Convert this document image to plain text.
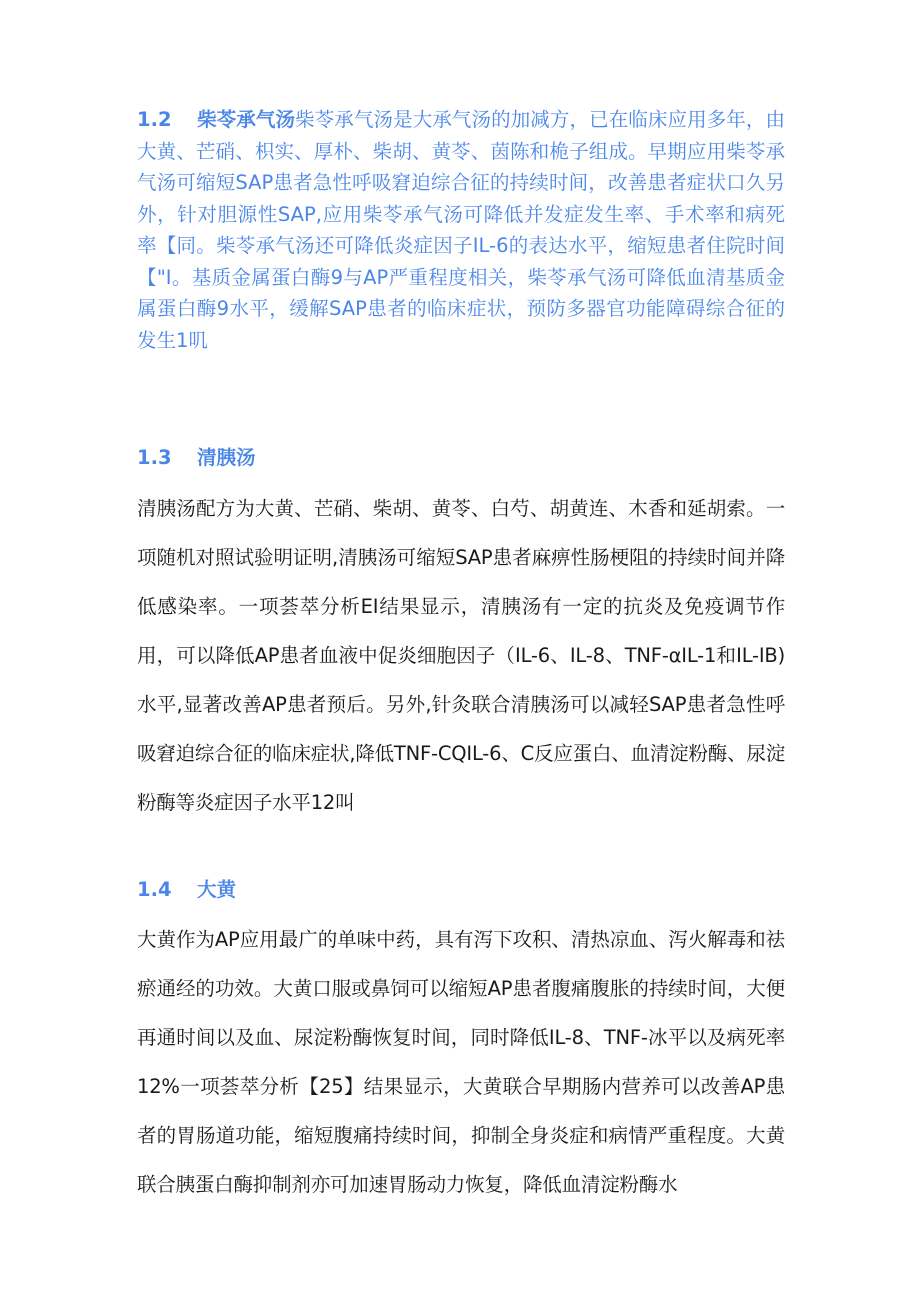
1.2 柴苓承气汤柴苓承气汤是大承气汤的加减方，已在临床应用多年，由大黄、芒硝、枳实、厚朴、柴胡、黄苓、茵陈和桅子组成。早期应用柴苓承气汤可缩短SAP患者急性呼吸窘迫综合征的持续时间，改善患者症状口久另外，针对胆源性SAP,应用柴苓承气汤可降低并发症发生率、手术率和病死率【同。柴苓承气汤还可降低炎症因子IL-6的表达水平，缩短患者住院时间【"I。基质金属蛋白酶9与AP严重程度相关，柴苓承气汤可降低血清基质金属蛋白酶9水平，缓解SAP患者的临床症状，预防多器官功能障碍综合征的发生1叽

1.3 清胰汤

清胰汤配方为大黄、芒硝、柴胡、黄苓、白芍、胡黄连、木香和延胡索。一项随机对照试验明证明,清胰汤可缩短SAP患者麻痹性肠梗阻的持续时间并降低感染率。一项荟萃分析EI结果显示，清胰汤有一定的抗炎及免疫调节作用，可以降低AP患者血液中促炎细胞因子（IL-6、IL-8、TNF-αIL-1和IL-IB)水平,显著改善AP患者预后。另外,针灸联合清胰汤可以减轻SAP患者急性呼吸窘迫综合征的临床症状,降低TNF-CQIL-6、C反应蛋白、血清淀粉酶、尿淀粉酶等炎症因子水平12叫

1.4 大黄

大黄作为AP应用最广的单味中药，具有泻下攻积、清热凉血、泻火解毒和祛瘀通经的功效。大黄口服或鼻饲可以缩短AP患者腹痛腹胀的持续时间，大便再通时间以及血、尿淀粉酶恢复时间，同时降低IL-8、TNF-冰平以及病死率12%一项荟萃分析【25】结果显示，大黄联合早期肠内营养可以改善AP患者的胃肠道功能，缩短腹痛持续时间，抑制全身炎症和病情严重程度。大黄联合胰蛋白酶抑制剂亦可加速胃肠动力恢复，降低血清淀粉酶水
